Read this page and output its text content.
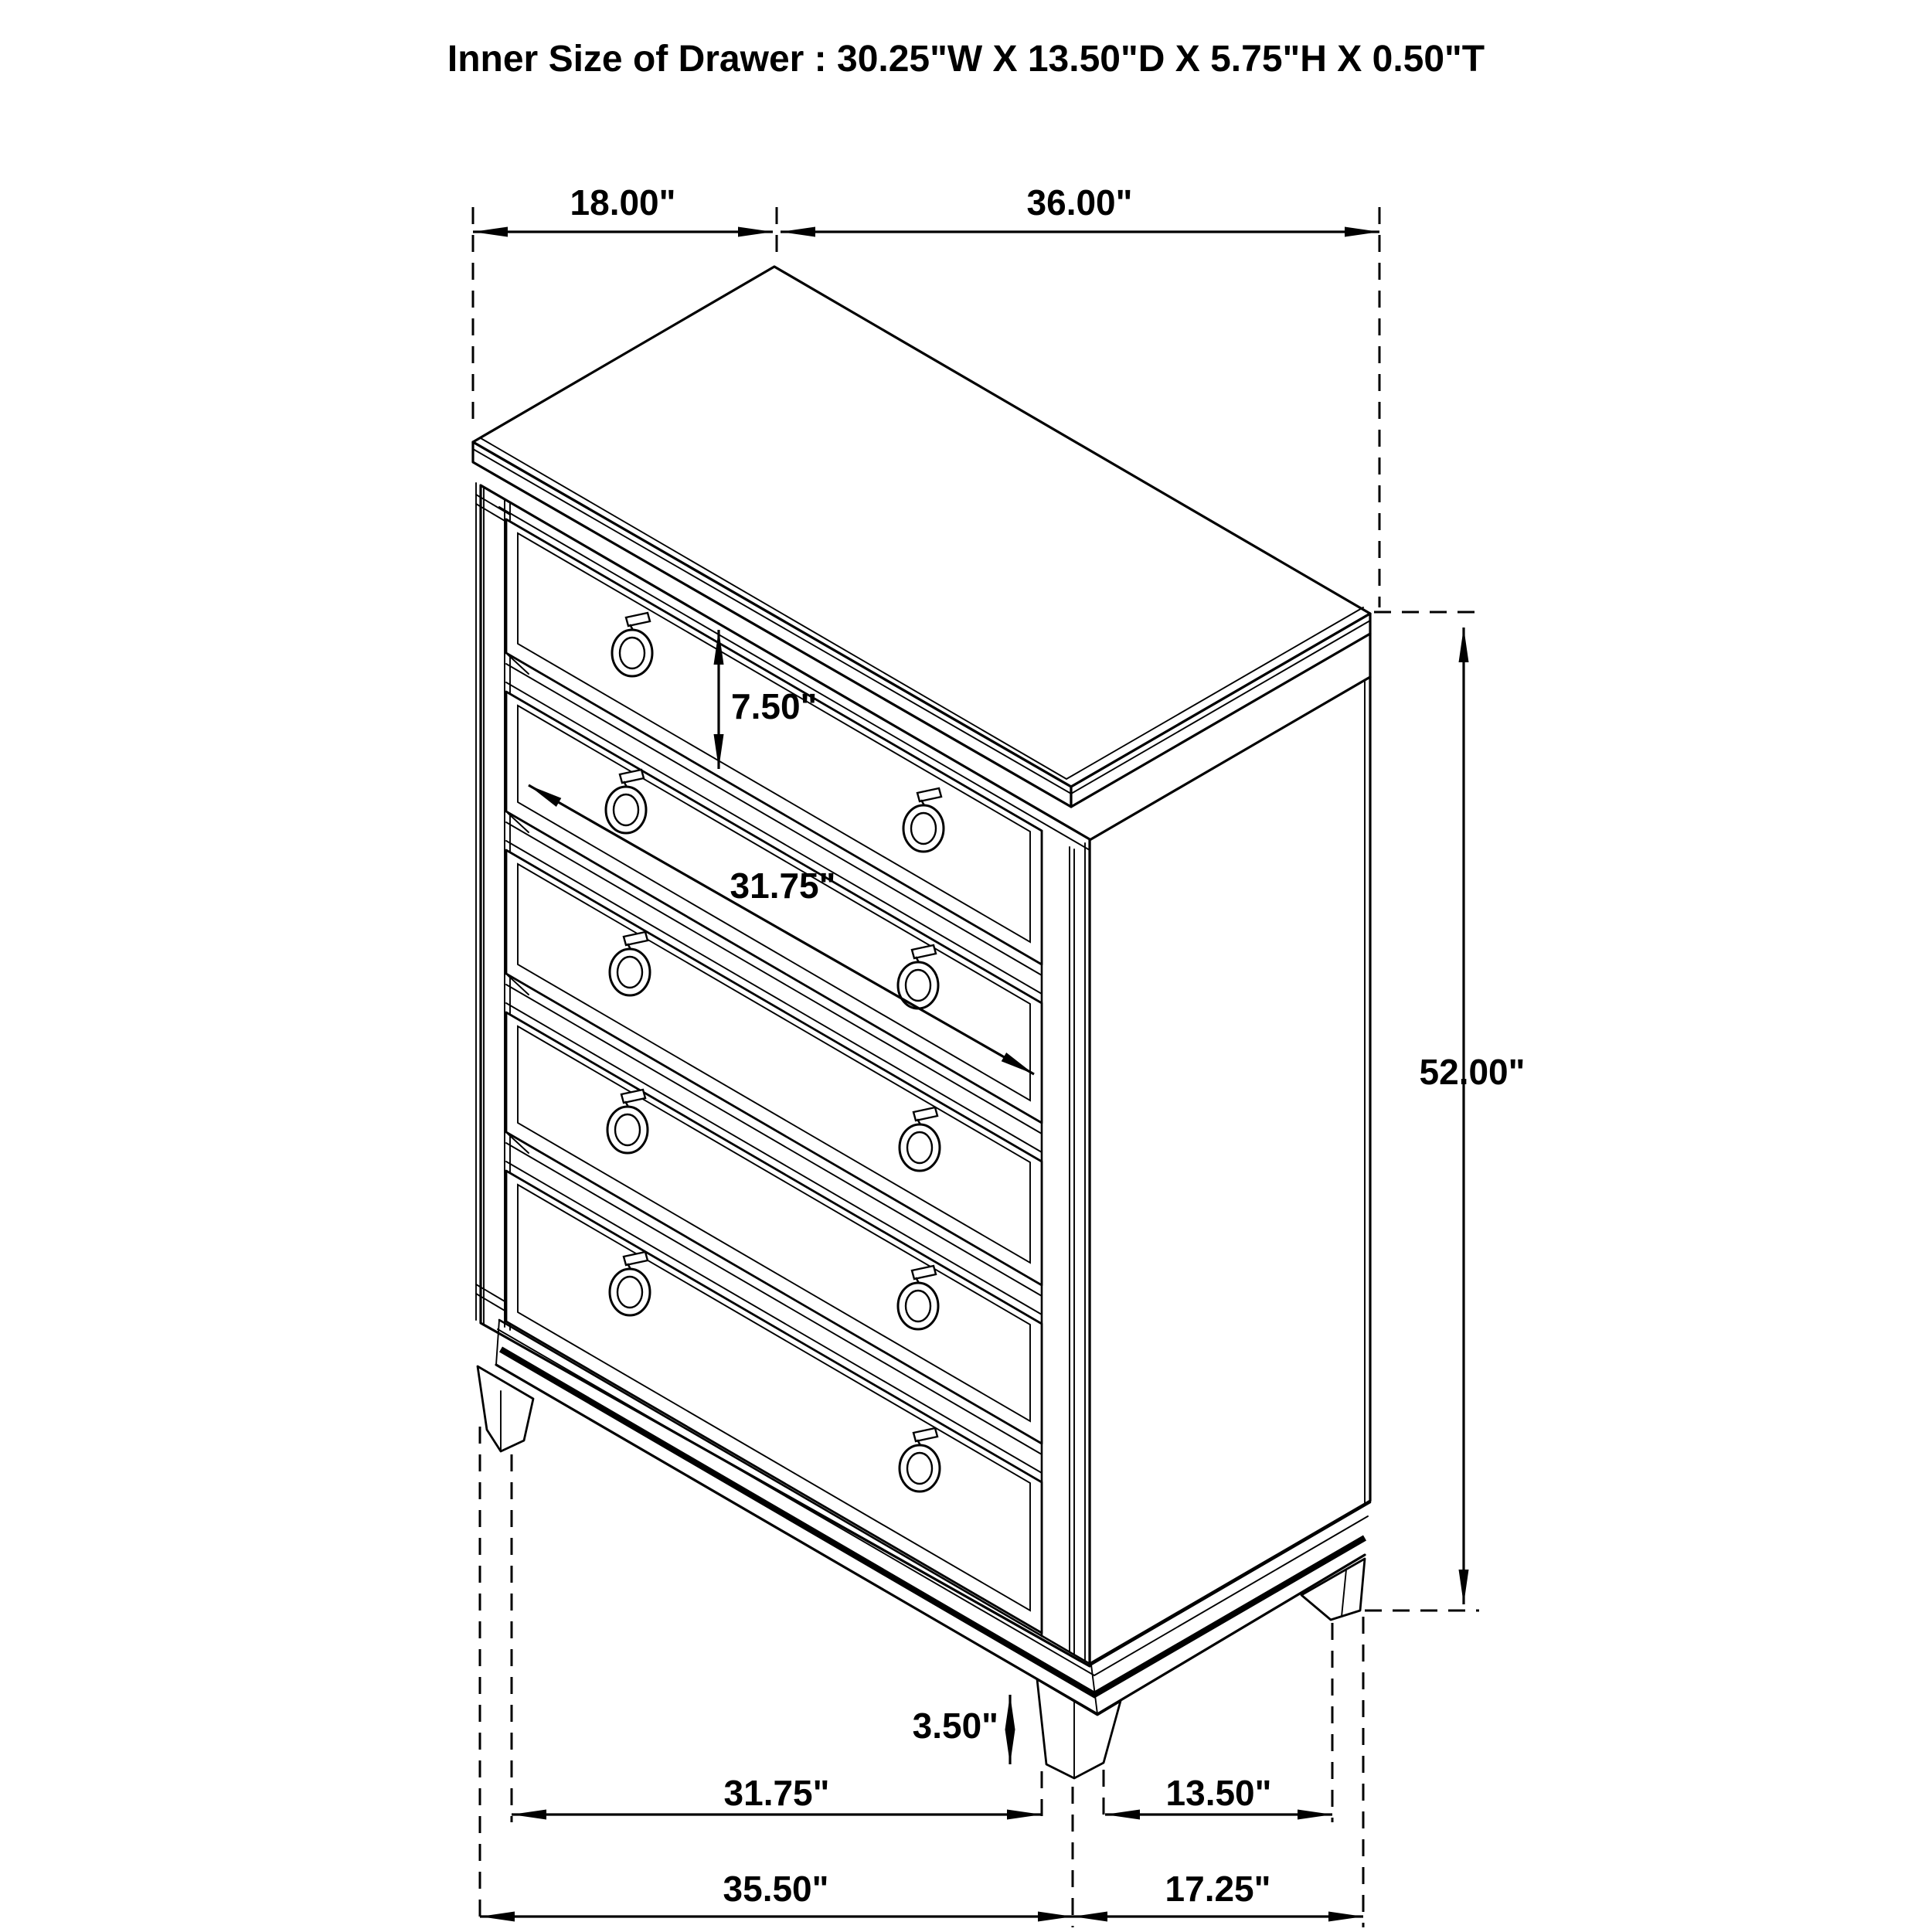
18.00"	36.00"
7.50"
31.75"
52.00"
3.50"
31.75"	13.50"
35.50"	17.25"
Inner Size of Drawer : 30.25"W X 13.50"D X 5.75"H X 0.50"T
